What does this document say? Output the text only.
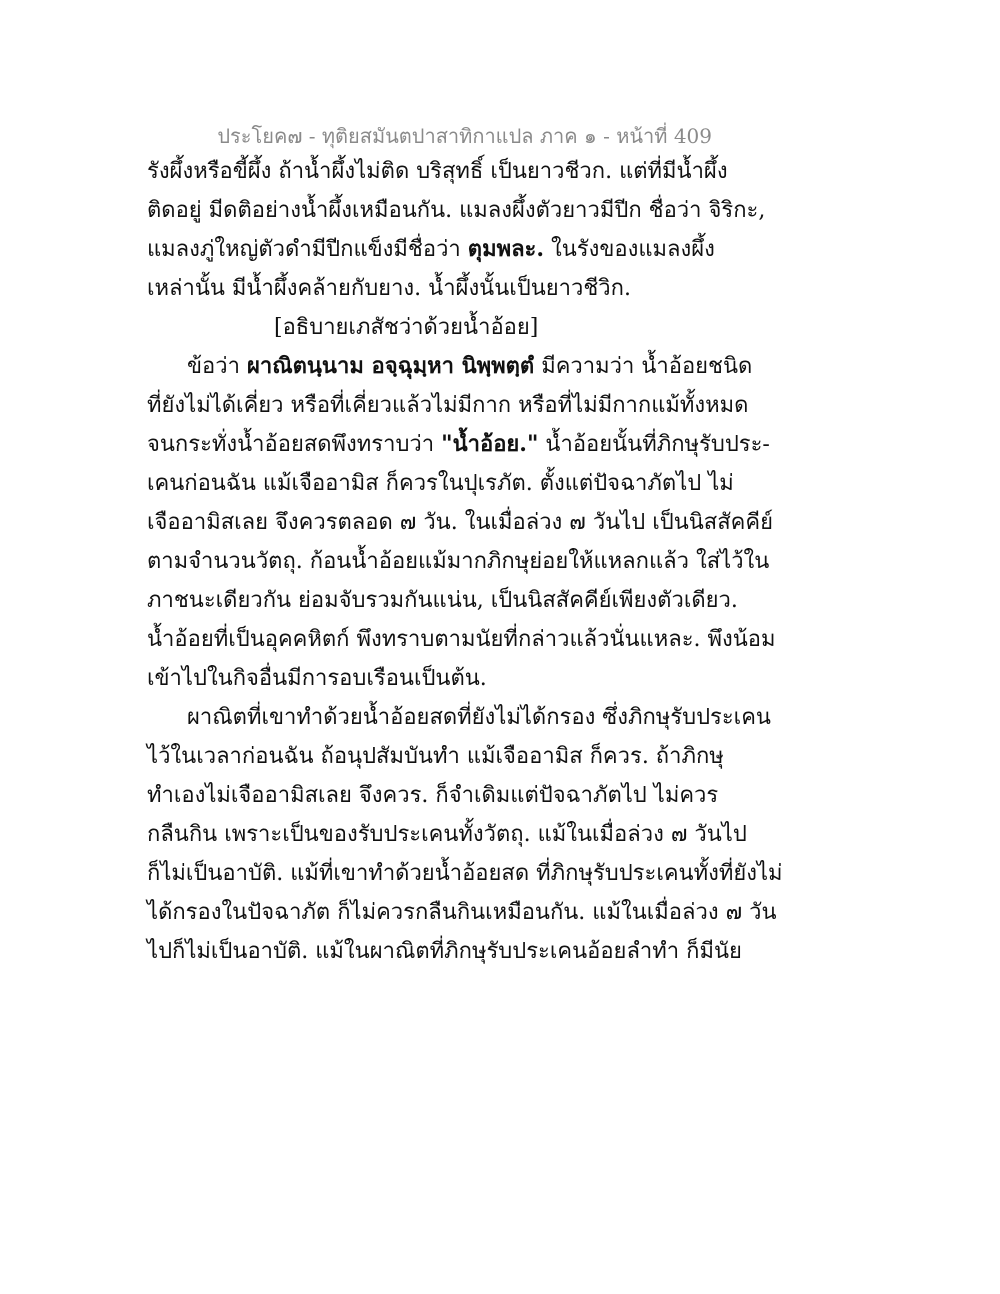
ประโยค๗ - ทุติยสมันตปาสาทิกาแปล ภาค ๑ - หน้าที่ 409
รังผึ้งหรือขี้ผึ้ง ถ้าน้ำผึ้งไม่ติด บริสุทธิ์ เป็นยาวชีวก. แต่ที่มีน้ำผึ้ง
ติดอยู่ มีดติอย่างน้ำผึ้งเหมือนกัน. แมลงผึ้งตัวยาวมีปีก ชื่อว่า จิริกะ,
แมลงภู่ใหญ่ตัวดำมีปีกแข็งมีชื่อว่า ตุมพละ. ในรังของแมลงผึ้ง
เหล่านั้น มีน้ำผึ้งคล้ายกับยาง. น้ำผึ้งนั้นเป็นยาวชีวิก.
[อธิบายเภสัชว่าด้วยน้ำอ้อย]
ข้อว่า ผาณิตนฺนาม อจฺฉุมฺหา นิพฺพตฺตํ มีความว่า น้ำอ้อยชนิด
ที่ยังไม่ได้เคี่ยว หรือที่เคี่ยวแล้วไม่มีกาก หรือที่ไม่มีกากแม้ทั้งหมด
จนกระทั่งน้ำอ้อยสดพึงทราบว่า "น้ำอ้อย." น้ำอ้อยนั้นที่ภิกษุรับประ-
เคนก่อนฉัน แม้เจืออามิส ก็ควรในปุเรภัต. ตั้งแต่ปัจฉาภัตไป ไม่
เจืออามิสเลย จึงควรตลอด ๗ วัน. ในเมื่อล่วง ๗ วันไป เป็นนิสสัคคีย์
ตามจำนวนวัตถุ. ก้อนน้ำอ้อยแม้มากภิกษุย่อยให้แหลกแล้ว ใส่ไว้ใน
ภาชนะเดียวกัน ย่อมจับรวมกันแน่น, เป็นนิสสัคคีย์เพียงตัวเดียว.
น้ำอ้อยที่เป็นอุคคหิตก์ พึงทราบตามนัยที่กล่าวแล้วนั่นแหละ. พึงน้อม
เข้าไปในกิจอื่นมีการอบเรือนเป็นต้น.
ผาณิตที่เขาทำด้วยน้ำอ้อยสดที่ยังไม่ได้กรอง ซึ่งภิกษุรับประเคน
ไว้ในเวลาก่อนฉัน ถ้อนุปสัมบันทำ แม้เจืออามิส ก็ควร. ถ้าภิกษุ
ทำเองไม่เจืออามิสเลย จึงควร. ก็จำเดิมแต่ปัจฉาภัตไป ไม่ควร
กลืนกิน เพราะเป็นของรับประเคนทั้งวัตถุ. แม้ในเมื่อล่วง ๗ วันไป
ก็ไม่เป็นอาบัติ. แม้ที่เขาทำด้วยน้ำอ้อยสด ที่ภิกษุรับประเคนทั้งที่ยังไม่
ได้กรองในปัจฉาภัต ก็ไม่ควรกลืนกินเหมือนกัน. แม้ในเมื่อล่วง ๗ วัน
ไปก็ไม่เป็นอาบัติ. แม้ในผาณิตที่ภิกษุรับประเคนอ้อยลำทำ ก็มีนัย
